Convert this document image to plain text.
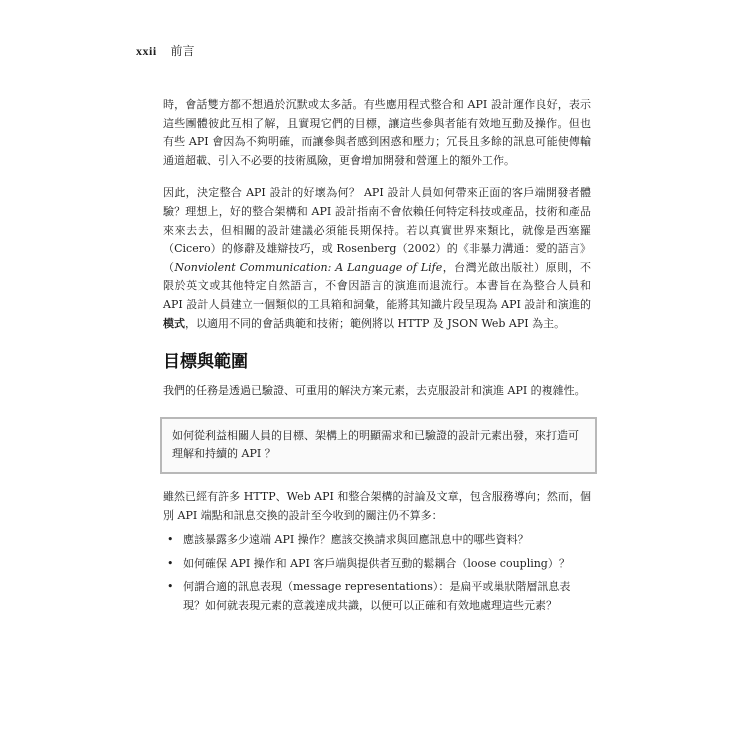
xxii 前言

時，會話雙方都不想過於沉默或太多話。有些應用程式整合和 API 設計運作良好，表示這些團體彼此互相了解，且實現它們的目標，讓這些參與者能有效地互動及操作。但也有些 API 會因為不夠明確，而讓參與者感到困惑和壓力；冗長且多餘的訊息可能使傳輸通道超載、引入不必要的技術風險，更會增加開發和營運上的額外工作。

因此，決定整合 API 設計的好壞為何？ API 設計人員如何帶來正面的客戶端開發者體驗？理想上，好的整合架構和 API 設計指南不會依賴任何特定科技或產品，技術和產品來來去去，但相關的設計建議必須能長期保持。若以真實世界來類比，就像是西塞羅（Cicero）的修辭及雄辯技巧，或 Rosenberg（2002）的《非暴力溝通：愛的語言》（Nonviolent Communication: A Language of Life，台灣光啟出版社）原則，不限於英文或其他特定自然語言，不會因語言的演進而退流行。本書旨在為整合人員和 API 設計人員建立一個類似的工具箱和詞彙，能將其知識片段呈現為 API 設計和演進的模式，以適用不同的會話典範和技術；範例將以 HTTP 及 JSON Web API 為主。

目標與範圍

我們的任務是透過已驗證、可重用的解決方案元素，去克服設計和演進 API 的複雜性。

如何從利益相關人員的目標、架構上的明顯需求和已驗證的設計元素出發，來打造可理解和持續的 API ？

雖然已經有許多 HTTP、Web API 和整合架構的討論及文章，包含服務導向；然而，個別 API 端點和訊息交換的設計至今收到的關注仍不算多：

• 應該暴露多少遠端 API 操作？應該交換請求與回應訊息中的哪些資料？
• 如何確保 API 操作和 API 客戶端與提供者互動的鬆耦合（loose coupling）？
• 何謂合適的訊息表現（message representations）：是扁平或巢狀階層訊息表現？如何就表現元素的意義達成共識，以便可以正確和有效地處理這些元素？
